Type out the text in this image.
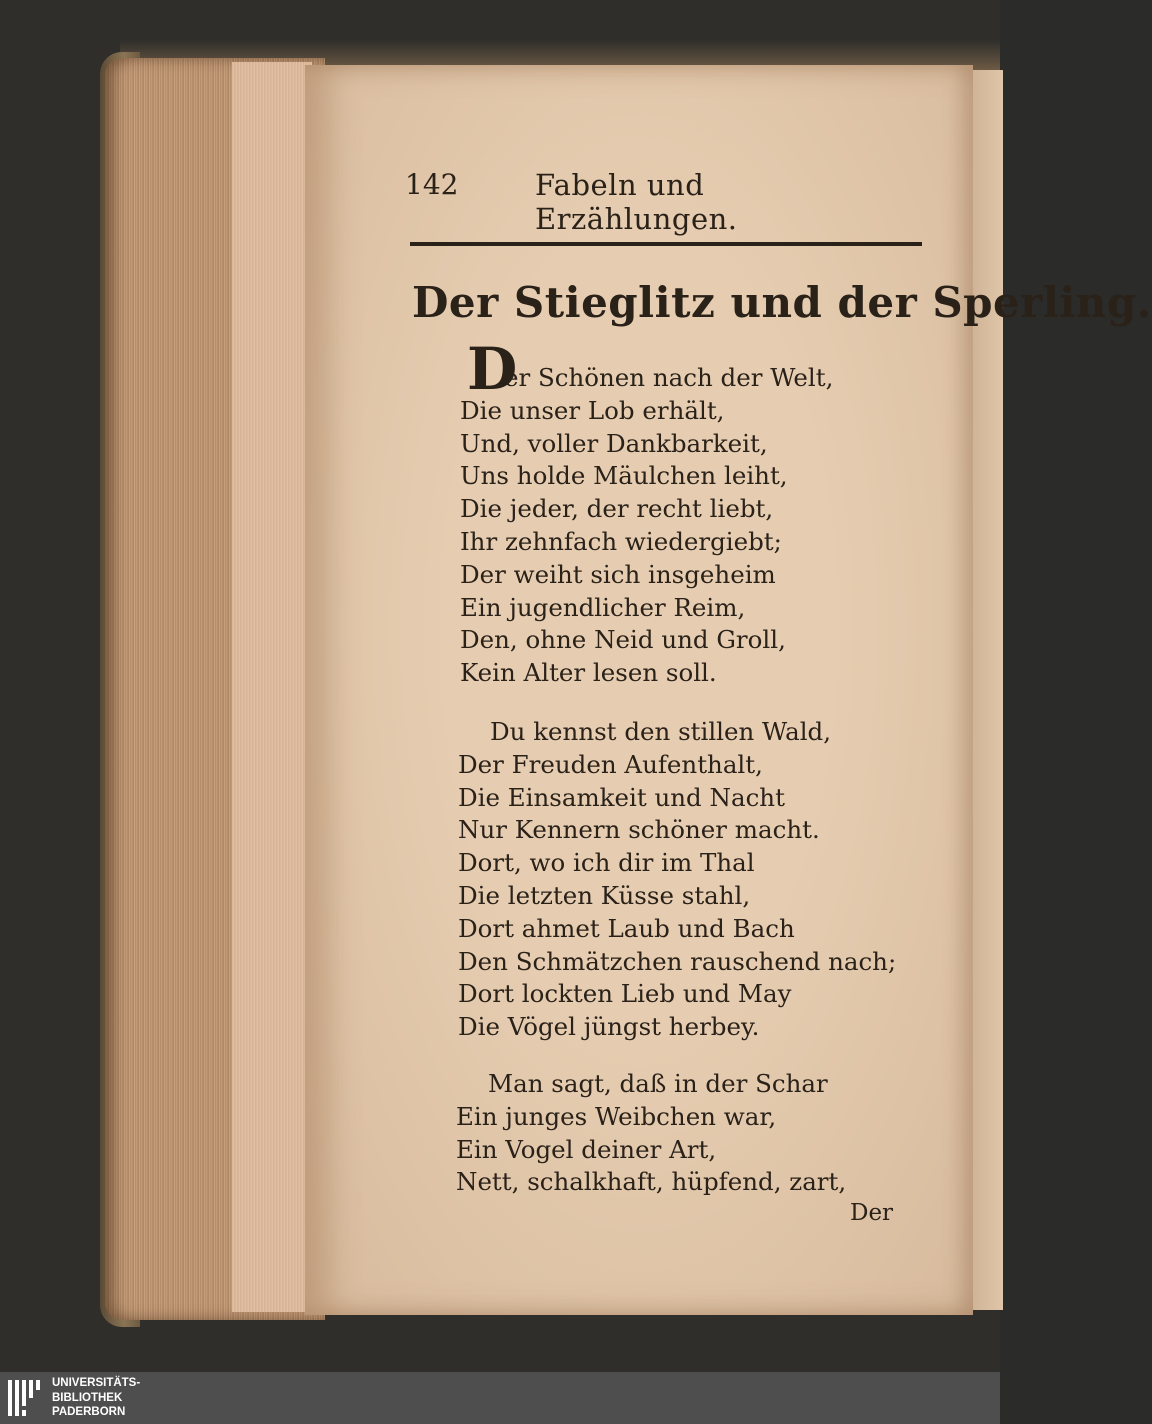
142	Fabeln und Erzählungen.
Der Stieglitz und der Sperling.
D
er Schönen nach der Welt,
Die unser Lob erhält,
Und, voller Dankbarkeit,
Uns holde Mäulchen leiht,
Die jeder, der recht liebt,
Ihr zehnfach wiedergiebt;
Der weiht sich insgeheim
Ein jugendlicher Reim,
Den, ohne Neid und Groll,
Kein Alter lesen soll.
Du kennst den stillen Wald,
Der Freuden Aufenthalt,
Die Einsamkeit und Nacht
Nur Kennern schöner macht.
Dort, wo ich dir im Thal
Die letzten Küsse stahl,
Dort ahmet Laub und Bach
Den Schmätzchen rauschend nach;
Dort lockten Lieb und May
Die Vögel jüngst herbey.
Man sagt, daß in der Schar
Ein junges Weibchen war,
Ein Vogel deiner Art,
Nett, schalkhaft, hüpfend, zart,
Der
UNIVERSITÄTS-
BIBLIOTHEK
PADERBORN
